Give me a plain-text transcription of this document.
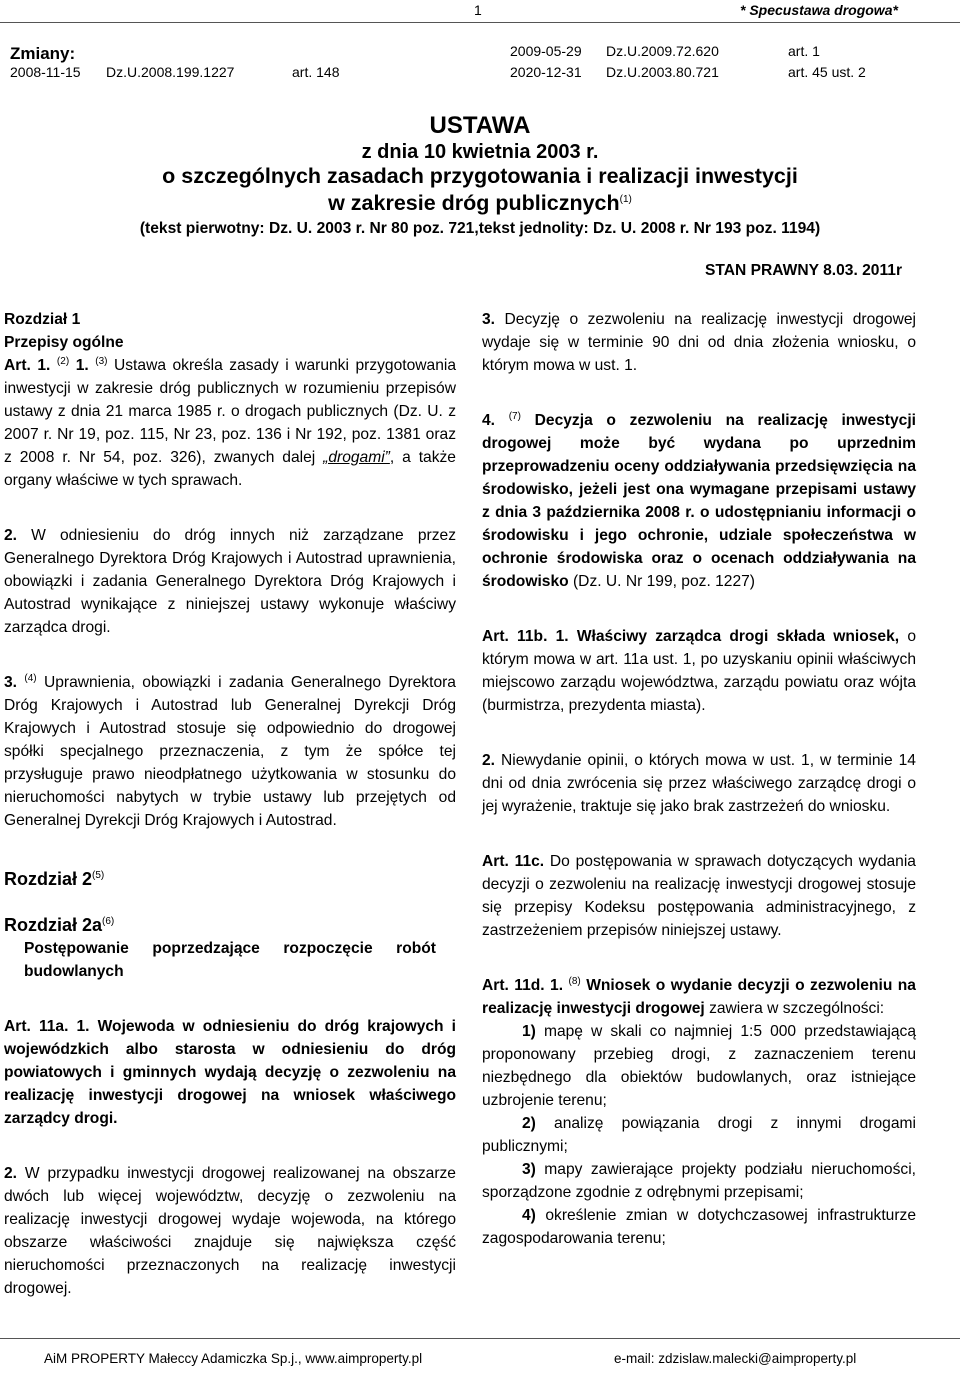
1	* Specustawa drogowa*
Zmiany:
2008-11-15 Dz.U.2008.199.1227	art. 148
2009-05-29 Dz.U.2009.72.620	art. 1
2020-12-31 Dz.U.2003.80.721	art. 45 ust. 2
USTAWA
z dnia 10 kwietnia 2003 r.
o szczególnych zasadach przygotowania i realizacji inwestycji
w zakresie dróg publicznych$^{(1)}$
(tekst pierwotny: Dz. U. 2003 r. Nr 80 poz. 721,tekst jednolity: Dz. U. 2008 r. Nr 193 poz. 1194)
STAN PRAWNY 8.03. 2011r

Rozdział 1

Przepisy ogólne

Art. 1. $^{(2)}$ 1. $^{(3)}$ Ustawa określa zasady i warunki przygotowania inwestycji w zakresie dróg publicznych w rozumieniu przepisów ustawy z dnia 21 marca 1985 r. o drogach publicznych (Dz. U. z 2007 r. Nr 19, poz. 115, Nr 23, poz. 136 i Nr 192, poz. 1381 oraz z 2008 r. Nr 54, poz. 326), zwanych dalej „drogami”, a także organy właściwe w tych sprawach.

2. W odniesieniu do dróg innych niż zarządzane przez Generalnego Dyrektora Dróg Krajowych i Autostrad uprawnienia, obowiązki i zadania Generalnego Dyrektora Dróg Krajowych i Autostrad wynikające z niniejszej ustawy wykonuje właściwy zarządca drogi.

3. $^{(4)}$ Uprawnienia, obowiązki i zadania Generalnego Dyrektora Dróg Krajowych i Autostrad lub Generalnej Dyrekcji Dróg Krajowych i Autostrad stosuje się odpowiednio do drogowej spółki specjalnego przeznaczenia, z tym że spółce tej przysługuje prawo nieodpłatnego użytkowania w stosunku do nieruchomości nabytych w trybie ustawy lub przejętych od Generalnej Dyrekcji Dróg Krajowych i Autostrad.

Rozdział 2$^{(5)}$

Rozdział $2a^{(6)}$

Postępowanie poprzedzające rozpoczęcie robót budowlanych

Art. 11a. 1. Wojewoda w odniesieniu do dróg krajowych i wojewódzkich albo starosta w odniesieniu do dróg powiatowych i gminnych wydają decyzję o zezwoleniu na realizację inwestycji drogowej na wniosek właściwego zarządcy drogi.

2. W przypadku inwestycji drogowej realizowanej na obszarze dwóch lub więcej województw, decyzję o zezwoleniu na realizację inwestycji drogowej wydaje wojewoda, na którego obszarze właściwości znajduje się największa część nieruchomości przeznaczonych na realizację inwestycji drogowej.

3. Decyzję o zezwoleniu na realizację inwestycji drogowej wydaje się w terminie 90 dni od dnia złożenia wniosku, o którym mowa w ust. 1.

4. $^{(7)}$ Decyzja o zezwoleniu na realizację inwestycji drogowej może być wydana po uprzednim przeprowadzeniu oceny oddziaływania przedsięwzięcia na środowisko, jeżeli jest ona wymagane przepisami ustawy z dnia 3 października 2008 r. o udostępnianiu informacji o środowisku i jego ochronie, udziale społeczeństwa w ochronie środowiska oraz o ocenach oddziaływania na środowisko (Dz. U. Nr 199, poz. 1227)

Art. 11b. 1. Właściwy zarządca drogi składa wniosek, o którym mowa w art. 11a ust. 1, po uzyskaniu opinii właściwych miejscowo zarządu województwa, zarządu powiatu oraz wójta (burmistrza, prezydenta miasta).

2. Niewydanie opinii, o których mowa w ust. 1, w terminie 14 dni od dnia zwrócenia się przez właściwego zarządcę drogi o jej wyrażenie, traktuje się jako brak zastrzeżeń do wniosku.

Art. 11c. Do postępowania w sprawach dotyczących wydania decyzji o zezwoleniu na realizację inwestycji drogowej stosuje się przepisy Kodeksu postępowania administracyjnego, z zastrzeżeniem przepisów niniejszej ustawy.

Art. 11d. 1. $^{(8)}$ Wniosek o wydanie decyzji o zezwoleniu na realizację inwestycji drogowej zawiera w szczególności:

1) mapę w skali co najmniej 1:5 000 przedstawiającą proponowany przebieg drogi, z zaznaczeniem terenu niezbędnego dla obiektów budowlanych, oraz istniejące uzbrojenie terenu;

2) analizę powiązania drogi z innymi drogami publicznymi;

3) mapy zawierające projekty podziału nieruchomości, sporządzone zgodnie z odrębnymi przepisami;

4) określenie zmian w dotychczasowej infrastrukturze zagospodarowania terenu;

AiM PROPERTY Małeccy Adamiczka Sp.j., www.aimproperty.pl	e-mail: zdzislaw.malecki@aimproperty.pl
